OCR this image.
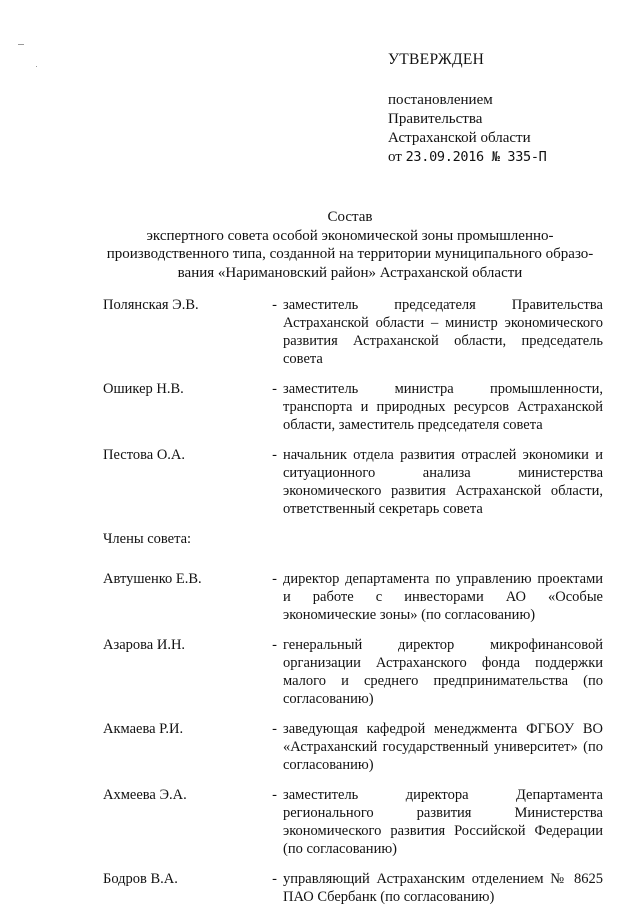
УТВЕРЖДЕН
постановлением
Правительства
Астраханской области
от 23.09.2016 № 335-П
Состав
экспертного совета особой экономической зоны промышленно-
производственного типа, созданной на территории муниципального образо-
вания «Наримановский район» Астраханской области
Полянская Э.В.	- заместитель председателя Правительства Астраханской области – министр экономического развития Астраханской области, председатель совета
Ошикер Н.В.	- заместитель министра промышленности, транспорта и природных ресурсов Астраханской области, заместитель председателя совета
Пестова О.А.	- начальник отдела развития отраслей экономики и ситуационного анализа министерства экономического развития Астраханской области, ответственный секретарь совета
Члены совета:
Автушенко Е.В.	- директор департамента по управлению проектами и работе с инвесторами АО «Особые экономические зоны» (по согласованию)
Азарова И.Н.	- генеральный директор микрофинансовой организации Астраханского фонда поддержки малого и среднего предпринимательства (по согласованию)
Акмаева Р.И.	- заведующая кафедрой менеджмента ФГБОУ ВО «Астраханский государственный университет» (по согласованию)
Ахмеева Э.А.	- заместитель директора Департамента регионального развития Министерства экономического развития Российской Федерации (по согласованию)
Бодров В.А.	- управляющий Астраханским отделением № 8625 ПАО Сбербанк (по согласованию)
